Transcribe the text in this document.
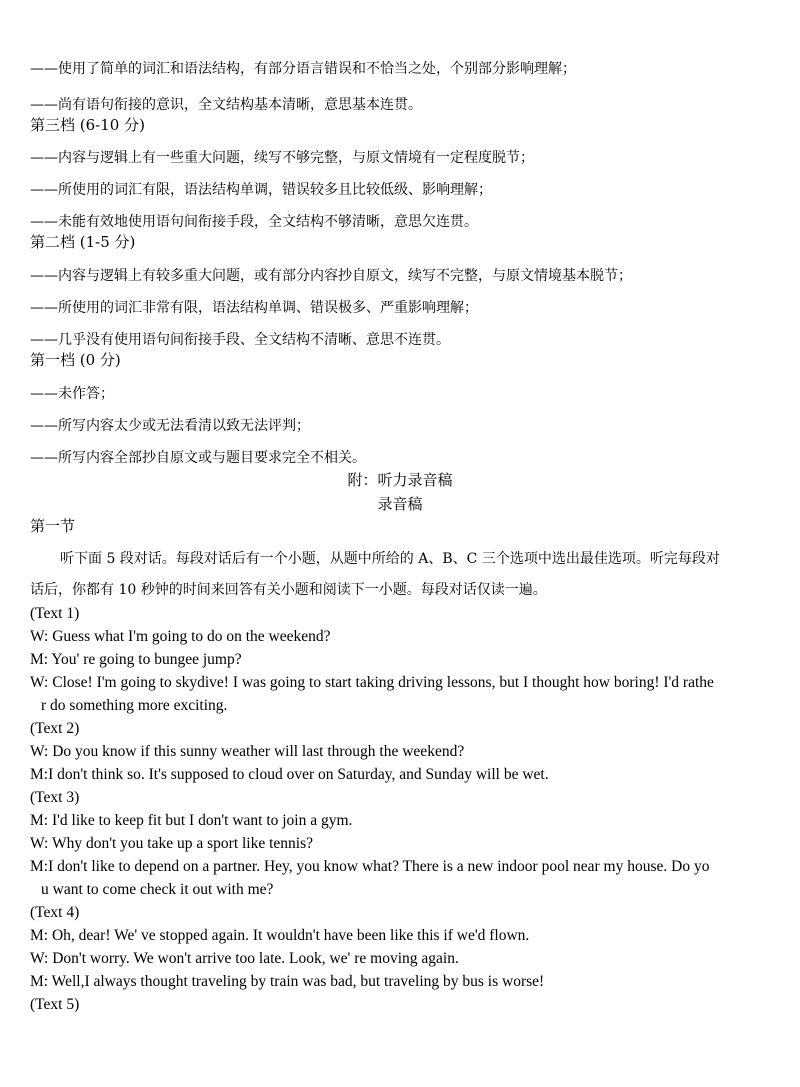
——使用了简单的词汇和语法结构，有部分语言错误和不恰当之处，个别部分影响理解；
——尚有语句衔接的意识，全文结构基本清晰，意思基本连贯。
第三档 (6-10 分)
——内容与逻辑上有一些重大问题，续写不够完整，与原文情境有一定程度脱节；
——所使用的词汇有限，语法结构单调，错误较多且比较低级、影响理解；
——未能有效地使用语句间衔接手段，全文结构不够清晰，意思欠连贯。
第二档 (1-5 分)
——内容与逻辑上有较多重大问题，或有部分内容抄自原文，续写不完整，与原文情境基本脱节；
——所使用的词汇非常有限，语法结构单调、错误极多、严重影响理解；
——几乎没有使用语句间衔接手段、全文结构不清晰、意思不连贯。
第一档 (0 分)
——未作答；
——所写内容太少或无法看清以致无法评判；
——所写内容全部抄自原文或与题目要求完全不相关。
附：听力录音稿
录音稿
第一节
听下面 5 段对话。每段对话后有一个小题，从题中所给的 A、B、C 三个选项中选出最佳选项。听完每段对
话后，你都有 10 秒钟的时间来回答有关小题和阅读下一小题。每段对话仅读一遍。
(Text 1)
W: Guess what I'm going to do on the weekend?
M: You' re going to bungee jump?
W: Close! I'm going to skydive! I was going to start taking driving lessons, but I thought how boring! I'd rathe
r do something more exciting.
(Text 2)
W: Do you know if this sunny weather will last through the weekend?
M:I don't think so. It's supposed to cloud over on Saturday, and Sunday will be wet.
(Text 3)
M: I'd like to keep fit but I don't want to join a gym.
W: Why don't you take up a sport like tennis?
M:I don't like to depend on a partner. Hey, you know what? There is a new indoor pool near my house. Do yo
u want to come check it out with me?
(Text 4)
M: Oh, dear! We' ve stopped again. It wouldn't have been like this if we'd flown.
W: Don't worry. We won't arrive too late. Look, we' re moving again.
M: Well,I always thought traveling by train was bad, but traveling by bus is worse!
(Text 5)
